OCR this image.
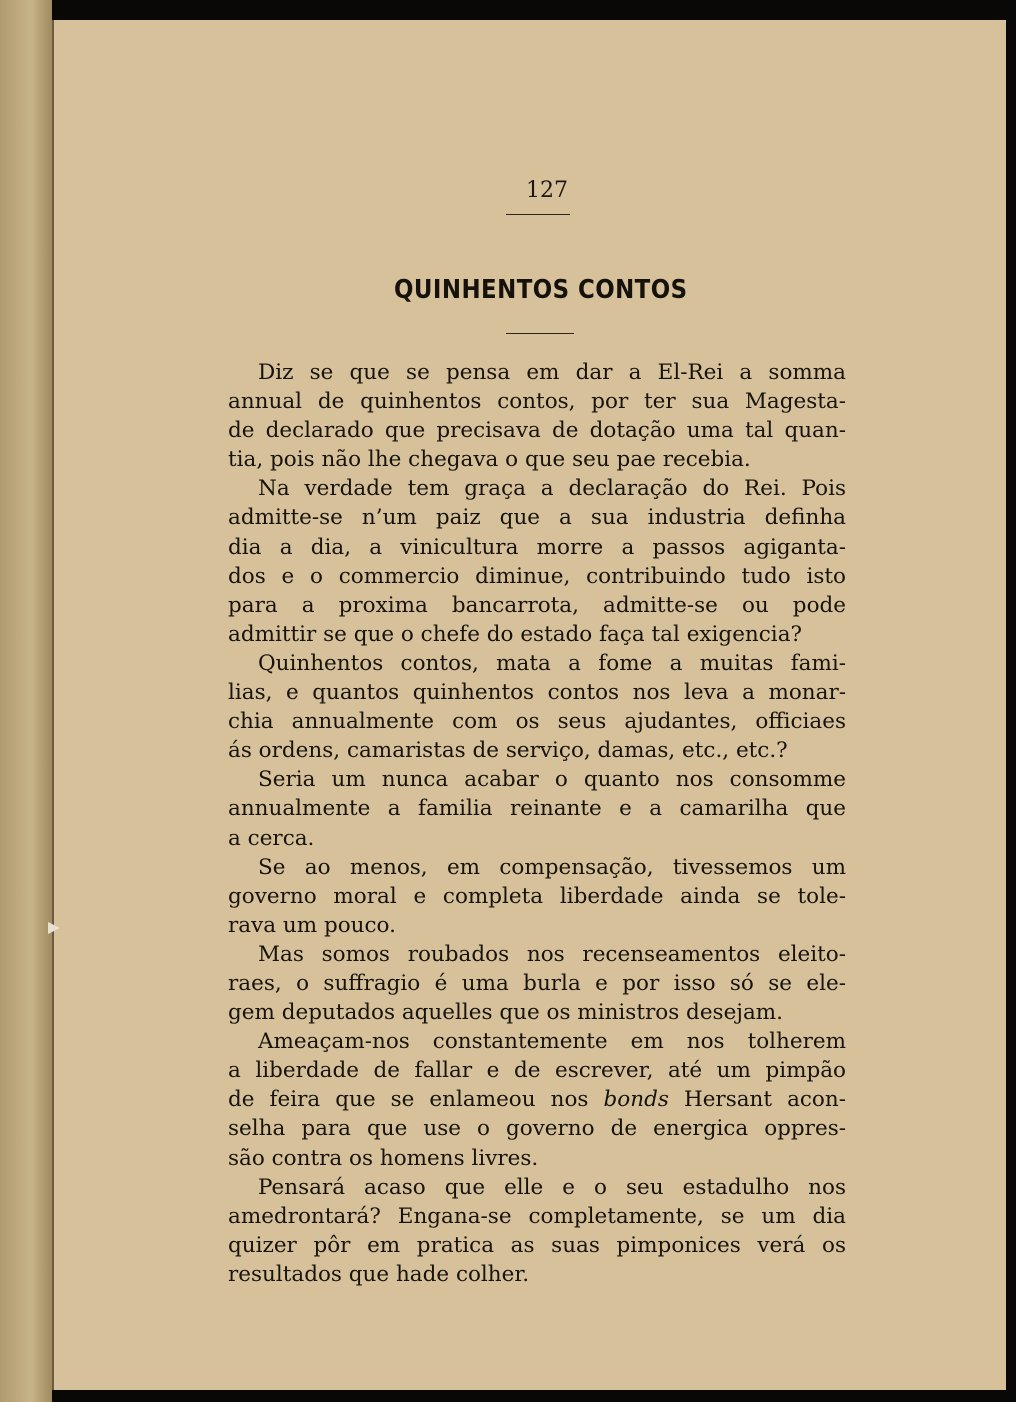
127
QUINHENTOS CONTOS
Diz se que se pensa em dar a El-Rei a somma
annual de quinhentos contos, por ter sua Magesta-
de declarado que precisava de dotação uma tal quan-
tia, pois não lhe chegava o que seu pae recebia.
Na verdade tem graça a declaração do Rei. Pois
admitte-se n’um paiz que a sua industria definha
dia a dia, a vinicultura morre a passos agiganta-
dos e o commercio diminue, contribuindo tudo isto
para a proxima bancarrota, admitte-se ou pode
admittir se que o chefe do estado faça tal exigencia?
Quinhentos contos, mata a fome a muitas fami-
lias, e quantos quinhentos contos nos leva a monar-
chia annualmente com os seus ajudantes, officiaes
ás ordens, camaristas de serviço, damas, etc., etc.?
Seria um nunca acabar o quanto nos consomme
annualmente a familia reinante e a camarilha que
a cerca.
Se ao menos, em compensação, tivessemos um
governo moral e completa liberdade ainda se tole-
rava um pouco.
Mas somos roubados nos recenseamentos eleito-
raes, o suffragio é uma burla e por isso só se ele-
gem deputados aquelles que os ministros desejam.
Ameaçam-nos constantemente em nos tolherem
a liberdade de fallar e de escrever, até um pimpão
de feira que se enlameou nos bonds Hersant acon-
selha para que use o governo de energica oppres-
são contra os homens livres.
Pensará acaso que elle e o seu estadulho nos
amedrontará? Engana-se completamente, se um dia
quizer pôr em pratica as suas pimponices verá os
resultados que hade colher.
